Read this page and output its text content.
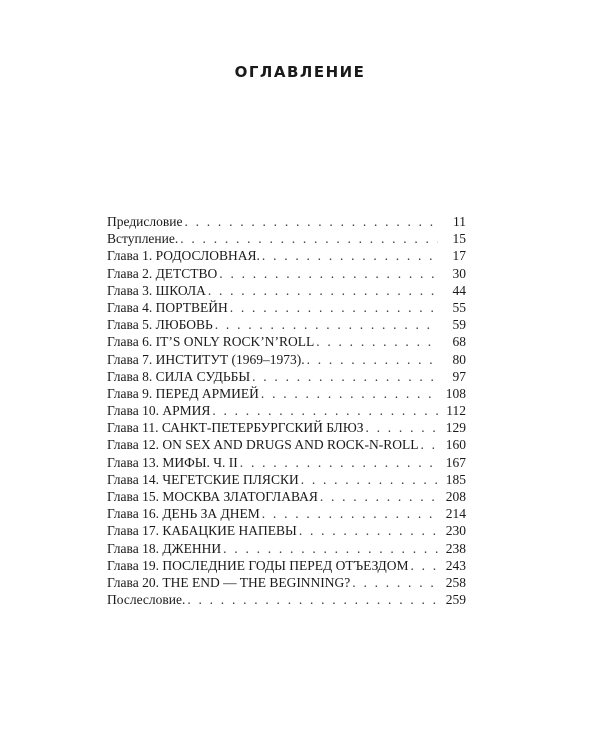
ОГЛАВЛЕНИЕ
Предисловие . . .	11
Вступление. . . .	15
Глава 1. РОДОСЛОВНАЯ. . . .	17
Глава 2. ДЕТСТВО . . .	30
Глава 3. ШКОЛА . . .	44
Глава 4. ПОРТВЕЙН . . .	55
Глава 5. ЛЮБОВЬ . . .	59
Глава 6. IT’S ONLY ROCK’N’ROLL . . .	68
Глава 7. ИНСТИТУТ (1969–1973). . . .	80
Глава 8. СИЛА СУДЬБЫ . . .	97
Глава 9. ПЕРЕД АРМИЕЙ . . .	108
Глава 10. АРМИЯ . . .	112
Глава 11. САНКТ-ПЕТЕРБУРГСКИЙ БЛЮЗ . . .	129
Глава 12. ON SEX AND DRUGS AND ROCK-N-ROLL . . .	160
Глава 13. МИФЫ. Ч. II . . .	167
Глава 14. ЧЕГЕТСКИЕ ПЛЯСКИ . . .	185
Глава 15. МОСКВА ЗЛАТОГЛАВАЯ . . .	208
Глава 16. ДЕНЬ ЗА ДНЕМ . . .	214
Глава 17. КАБАЦКИЕ НАПЕВЫ . . .	230
Глава 18. ДЖЕННИ . . .	238
Глава 19. ПОСЛЕДНИЕ ГОДЫ ПЕРЕД ОТЪЕЗДОМ . . .	243
Глава 20. THE END — THE BEGINNING? . . .	258
Послесловие. . . .	259
